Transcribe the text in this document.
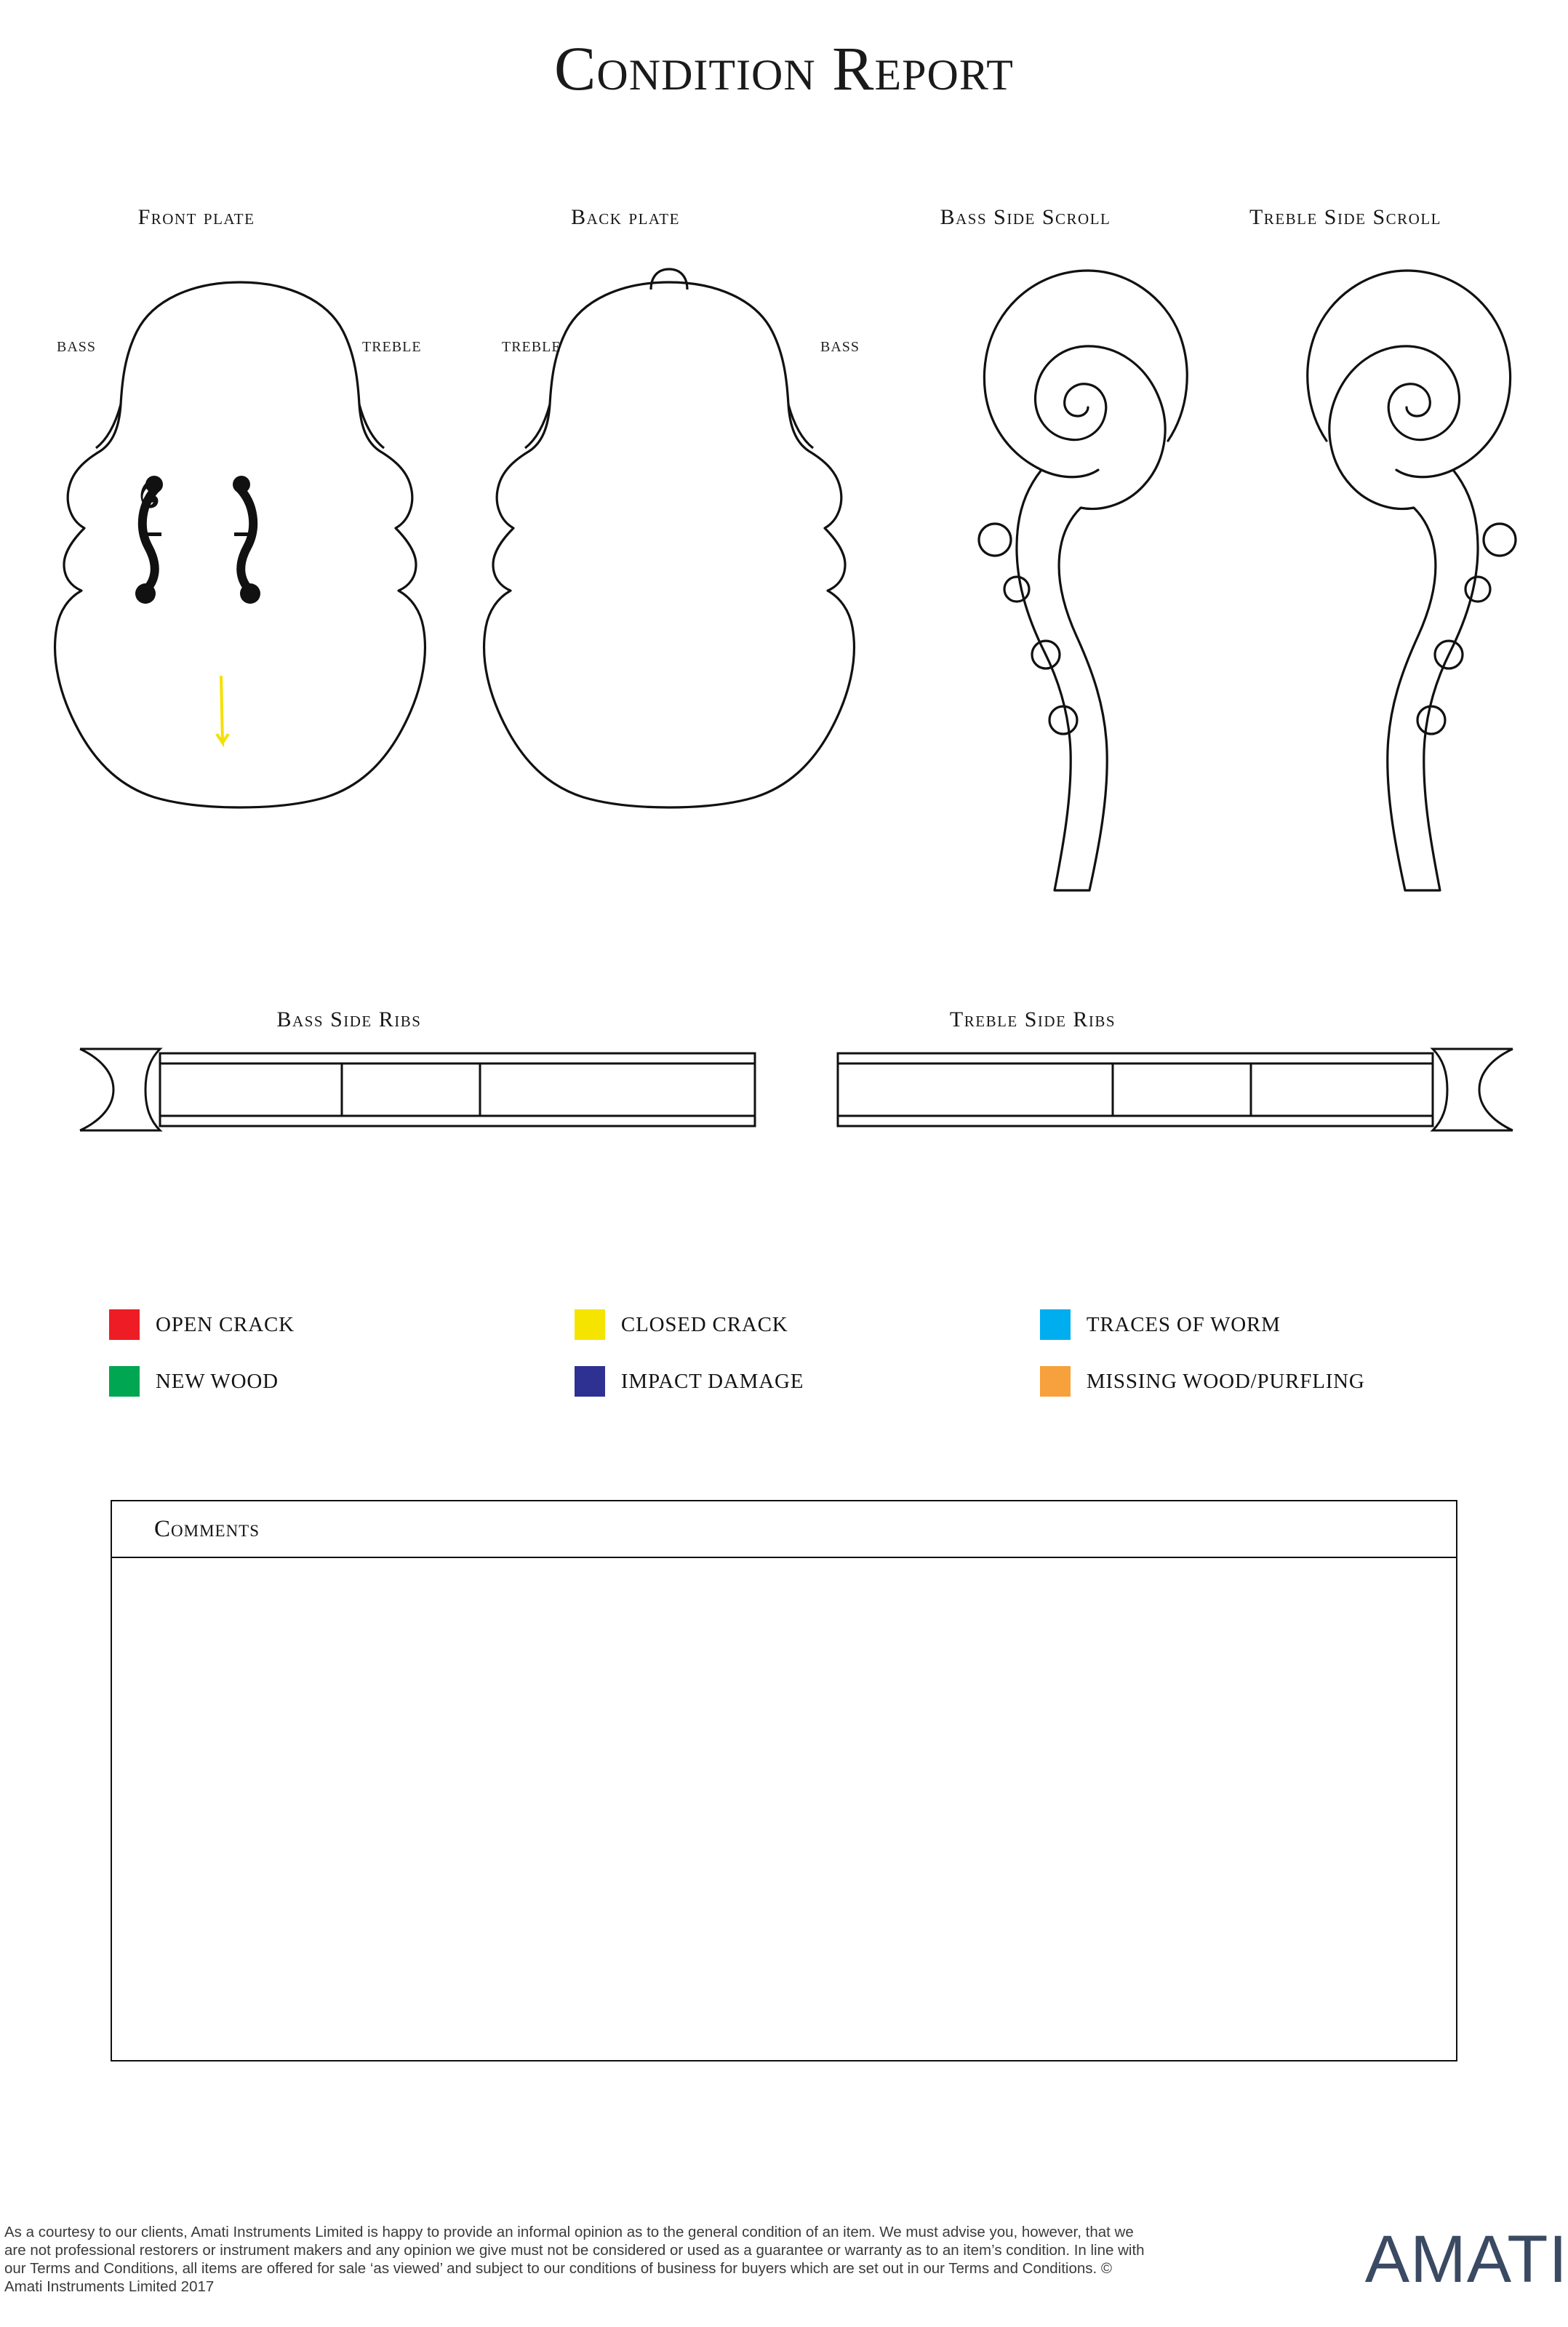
Condition Report
Front plate	Back plate	Bass Side Scroll	Treble Side Scroll
BASS	TREBLE	TREBLE	BASS
Bass Side Ribs	Treble Side Ribs
OPEN CRACK	CLOSED CRACK	TRACES OF WORM
NEW WOOD	IMPACT DAMAGE	MISSING WOOD/PURFLING
Comments
As a courtesy to our clients, Amati Instruments Limited is happy to provide an informal opinion as to the general condition of an item. We must advise you, however, that we are not professional restorers or instrument makers and any opinion we give must not be considered or used as a guarantee or warranty as to an item’s condition. In line with our Terms and Conditions, all items are offered for sale ‘as viewed’ and subject to our conditions of business for buyers which are set out in our Terms and Conditions. © Amati Instruments Limited 2017	AMATI
